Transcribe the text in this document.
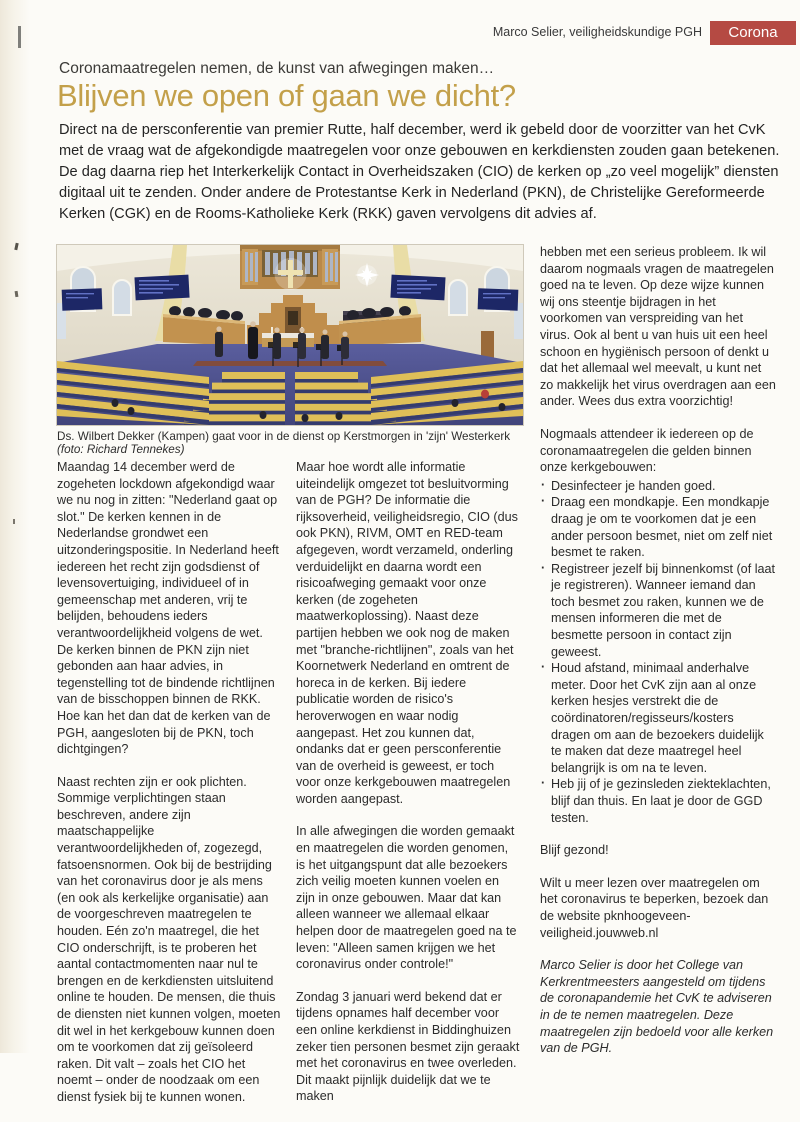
Marco Selier, veiligheidskundige PGH	Corona
Coronamaatregelen nemen, de kunst van afwegingen maken…
Blijven we open of gaan we dicht?

Direct na de persconferentie van premier Rutte, half december, werd ik gebeld door de voorzitter van het CvK met de vraag wat de afgekondigde maatregelen voor onze gebouwen en kerkdiensten zouden gaan betekenen. De dag daarna riep het Interkerkelijk Contact in Overheidszaken (CIO) de kerken op „zo veel mogelijk” diensten digitaal uit te zenden. Onder andere de Protestantse Kerk in Nederland (PKN), de Christelijke Gereformeerde Kerken (CGK) en de Rooms-Katholieke Kerk (RKK) gaven vervolgens dit advies af.

Ds. Wilbert Dekker (Kampen) gaat voor in de dienst op Kerstmorgen in 'zijn' Westerkerk (foto: Richard Tennekes)

Maandag 14 december werd de zogeheten lockdown afgekondigd waar we nu nog in zitten: "Nederland gaat op slot." De kerken kennen in de Nederlandse grondwet een uitzonderingspositie. In Nederland heeft iedereen het recht zijn godsdienst of levensovertuiging, individueel of in gemeenschap met anderen, vrij te belijden, behoudens ieders verantwoordelijkheid volgens de wet. De kerken binnen de PKN zijn niet gebonden aan haar advies, in tegenstelling tot de bindende richtlijnen van de bisschoppen binnen de RKK. Hoe kan het dan dat de kerken van de PGH, aangesloten bij de PKN, toch dichtgingen?

Naast rechten zijn er ook plichten. Sommige verplichtingen staan beschreven, andere zijn maatschappelijke verantwoordelijkheden of, zogezegd, fatsoensnormen. Ook bij de bestrijding van het coronavirus door je als mens (en ook als kerkelijke organisatie) aan de voorgeschreven maatregelen te houden. Eén zo'n maatregel, die het CIO onderschrijft, is te proberen het aantal contactmomenten naar nul te brengen en de kerkdiensten uitsluitend online te houden. De mensen, die thuis de diensten niet kunnen volgen, moeten dit wel in het kerkgebouw kunnen doen om te voorkomen dat zij geïsoleerd raken. Dit valt – zoals het CIO het noemt – onder de noodzaak om een dienst fysiek bij te kunnen wonen.

Maar hoe wordt alle informatie uiteindelijk omgezet tot besluitvorming van de PGH? De informatie die rijksoverheid, veiligheidsregio, CIO (dus ook PKN), RIVM, OMT en RED-team afgegeven, wordt verzameld, onderling verduidelijkt en daarna wordt een risicoafweging gemaakt voor onze kerken (de zogeheten maatwerkoplossing). Naast deze partijen hebben we ook nog de maken met "branche-richtlijnen", zoals van het Koornetwerk Nederland en omtrent de horeca in de kerken. Bij iedere publicatie worden de risico's heroverwogen en waar nodig aangepast. Het zou kunnen dat, ondanks dat er geen persconferentie van de overheid is geweest, er toch voor onze kerkgebouwen maatregelen worden aangepast.

In alle afwegingen die worden gemaakt en maatregelen die worden genomen, is het uitgangspunt dat alle bezoekers zich veilig moeten kunnen voelen en zijn in onze gebouwen. Maar dat kan alleen wanneer we allemaal elkaar helpen door de maatregelen goed na te leven: "Alleen samen krijgen we het coronavirus onder controle!"

Zondag 3 januari werd bekend dat er tijdens opnames half december voor een online kerkdienst in Biddinghuizen zeker tien personen besmet zijn geraakt met het coronavirus en twee overleden. Dit maakt pijnlijk duidelijk dat we te maken

hebben met een serieus probleem. Ik wil daarom nogmaals vragen de maatregelen goed na te leven. Op deze wijze kunnen wij ons steentje bijdragen in het voorkomen van verspreiding van het virus. Ook al bent u van huis uit een heel schoon en hygiënisch persoon of denkt u dat het allemaal wel meevalt, u kunt net zo makkelijk het virus overdragen aan een ander. Wees dus extra voorzichtig!

Nogmaals attendeer ik iedereen op de coronamaatregelen die gelden binnen onze kerkgebouwen:

· Desinfecteer je handen goed.
· Draag een mondkapje. Een mondkapje draag je om te voorkomen dat je een ander persoon besmet, niet om zelf niet besmet te raken.
· Registreer jezelf bij binnenkomst (of laat je registreren). Wanneer iemand dan toch besmet zou raken, kunnen we de mensen informeren die met de besmette persoon in contact zijn geweest.
· Houd afstand, minimaal anderhalve meter. Door het CvK zijn aan al onze kerken hesjes verstrekt die de coördinatoren/regisseurs/kosters dragen om aan de bezoekers duidelijk te maken dat deze maatregel heel belangrijk is om na te leven.
· Heb jij of je gezinsleden ziekteklachten, blijf dan thuis. En laat je door de GGD testen.

Blijf gezond!

Wilt u meer lezen over maatregelen om het coronavirus te beperken, bezoek dan de website pknhoogeveen-veiligheid.jouwweb.nl

Marco Selier is door het College van Kerkrentmeesters aangesteld om tijdens de coronapandemie het CvK te adviseren in de te nemen maatregelen. Deze maatregelen zijn bedoeld voor alle kerken van de PGH.
